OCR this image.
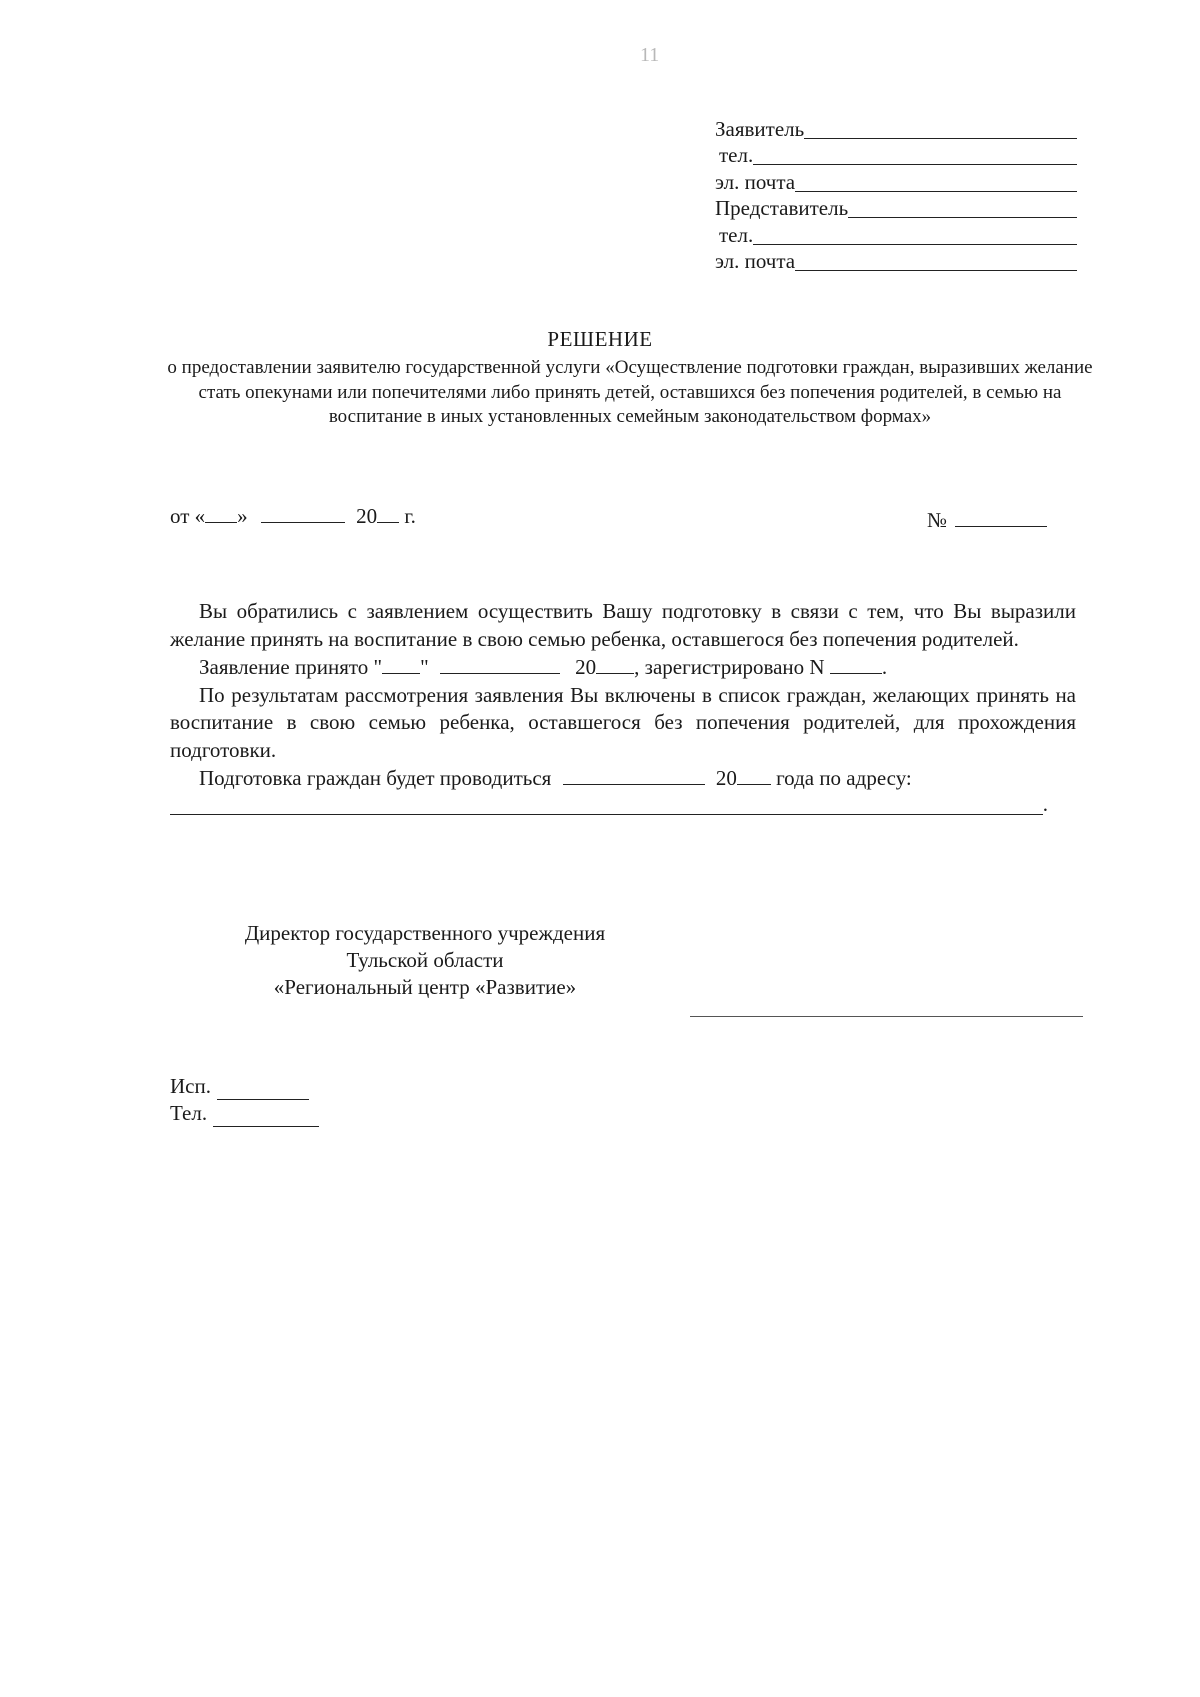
11
Заявитель
тел.
эл. почта
Представитель
тел.
эл. почта
РЕШЕНИЕ
о предоставлении заявителю государственной услуги «Осуществление подготовки граждан, выразивших желание стать опекунами или попечителями либо принять детей, оставшихся без попечения родителей, в семью на воспитание в иных установленных семейным законодательством формах»
от « »	20 г.	№

Вы обратились с заявлением осуществить Вашу подготовку в связи с тем, что Вы выразили желание принять на воспитание в свою семью ребенка, оставшегося без попечения родителей.

Заявление принято " "	20 , зарегистрировано N	.

По результатам рассмотрения заявления Вы включены в список граждан, желающих принять на воспитание в свою семью ребенка, оставшегося без попечения родителей, для прохождения подготовки.

Подготовка граждан будет проводиться	20 года по адресу:

.
Директор государственного учреждения
Тульской области
«Региональный центр «Развитие»
Исп.
Тел.
